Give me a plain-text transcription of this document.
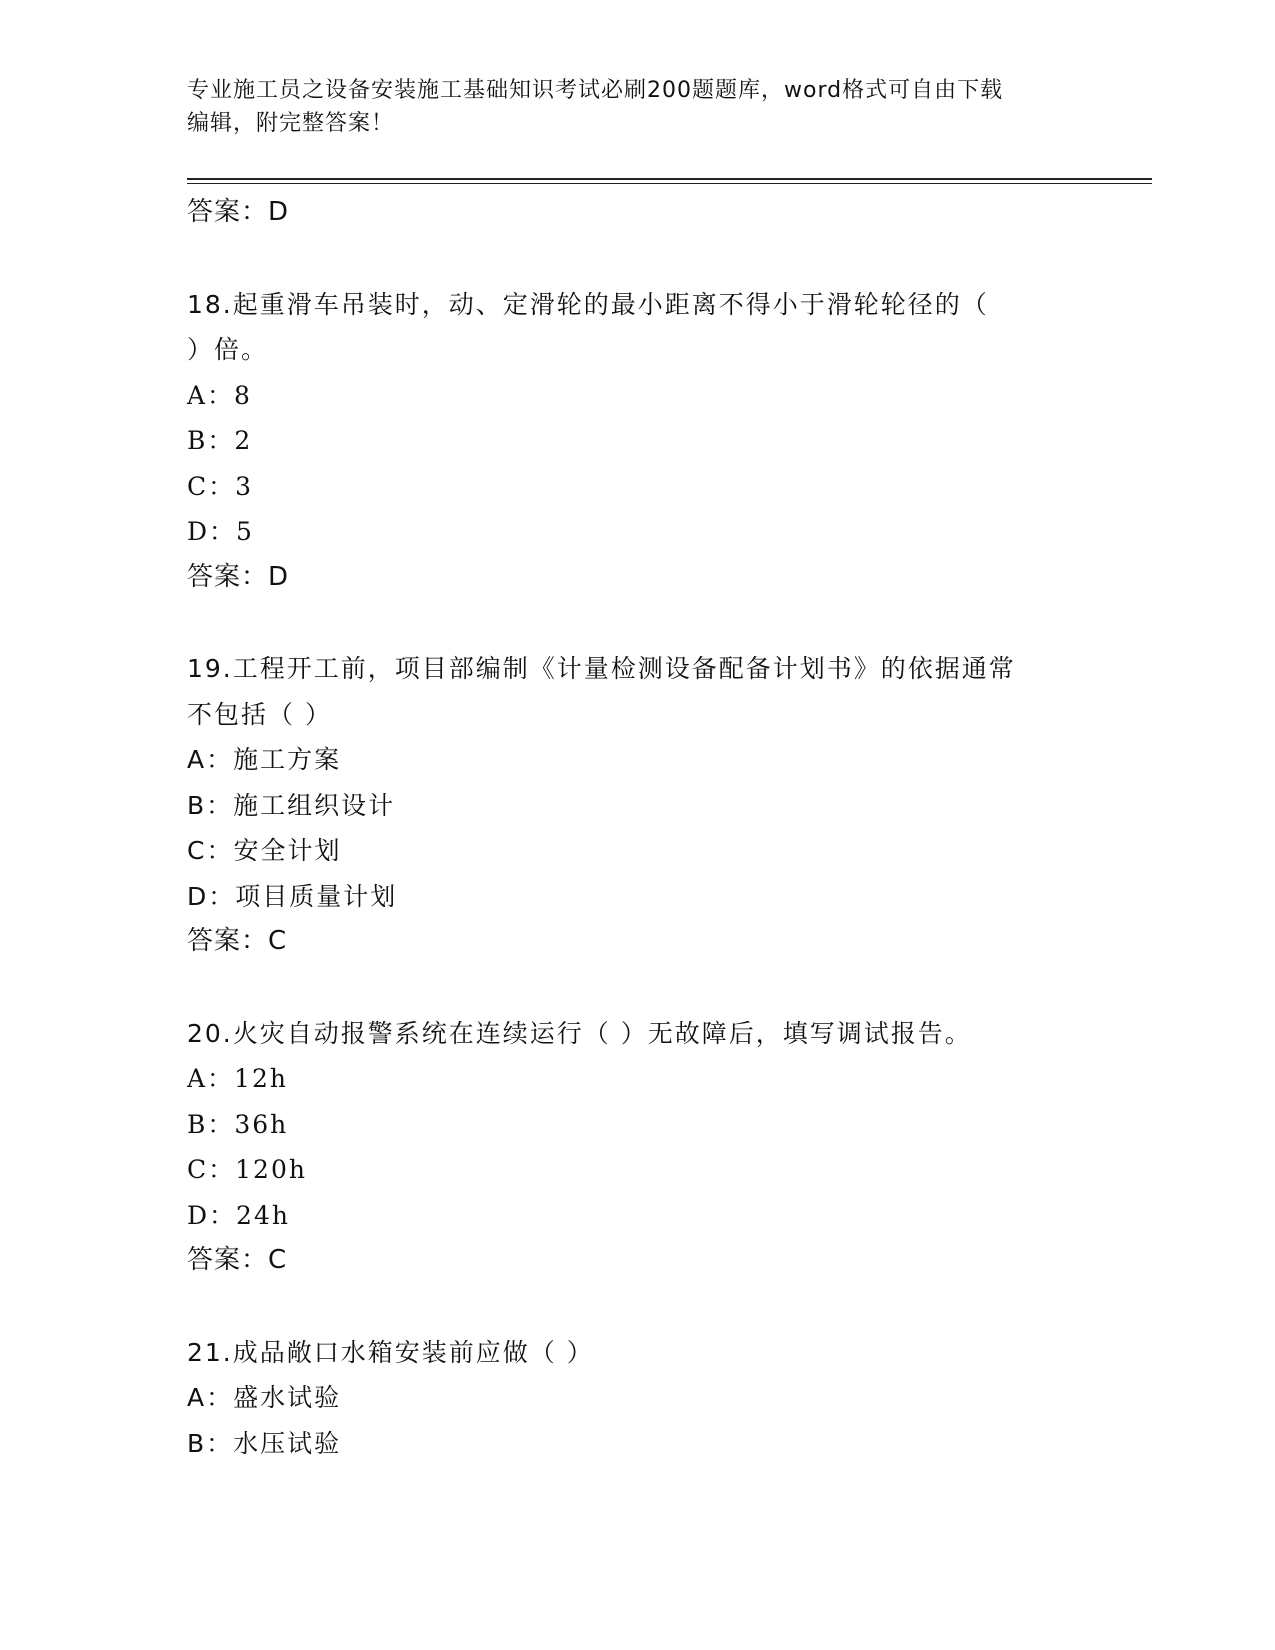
专业施工员之设备安装施工基础知识考试必刷200题题库，word格式可自由下载
编辑，附完整答案！
答案：D
18.起重滑车吊装时，动、定滑轮的最小距离不得小于滑轮轮径的（
）倍。
A：8
B：2
C：3
D：5
答案：D
19.工程开工前，项目部编制《计量检测设备配备计划书》的依据通常
不包括（ ）
A：施工方案
B：施工组织设计
C：安全计划
D：项目质量计划
答案：C
20.火灾自动报警系统在连续运行（ ）无故障后，填写调试报告。
A：12h
B：36h
C：120h
D：24h
答案：C
21.成品敞口水箱安装前应做（ ）
A：盛水试验
B：水压试验
